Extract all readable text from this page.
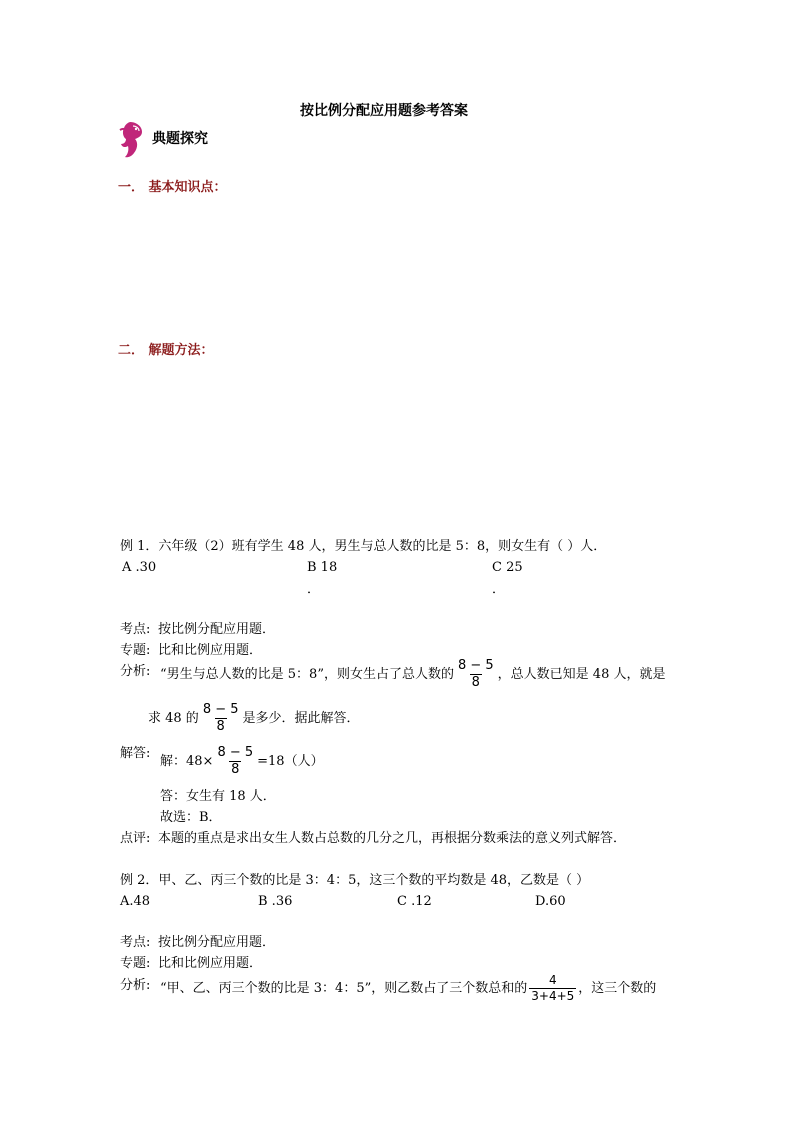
按比例分配应用题参考答案
典题探究
一． 基本知识点：
二． 解题方法：
例 1．六年级（2）班有学生 48 人，男生与总人数的比是 5：8，则女生有（ ）人．
A .30	B 18
．
C 25
．
考点: 按比例分配应用题．
专题: 比和比例应用题．
分析: “男生与总人数的比是 5：8”，则女生占了总人数的 $\frac{8 - 5}{8}$ ，总人数已知是 48 人，就是
求 48 的 $\frac{8 - 5}{8}$ 是多少．据此解答．
解答:
解：$48\times \frac{8 - 5}{8} =18$（人）
答：女生有 18 人．
故选：B．
点评: 本题的重点是求出女生人数占总数的几分之几，再根据分数乘法的意义列式解答．
例 2．甲、乙、丙三个数的比是 3：4：5，这三个数的平均数是 48，乙数是（ ）
A.48	B .36	C .12	D.60
考点: 按比例分配应用题．
专题: 比和比例应用题．
分析: “甲、乙、丙三个数的比是 3：4：5”，则乙数占了三个数总和的 $\frac{4}{3+4+5}$ ，这三个数的
